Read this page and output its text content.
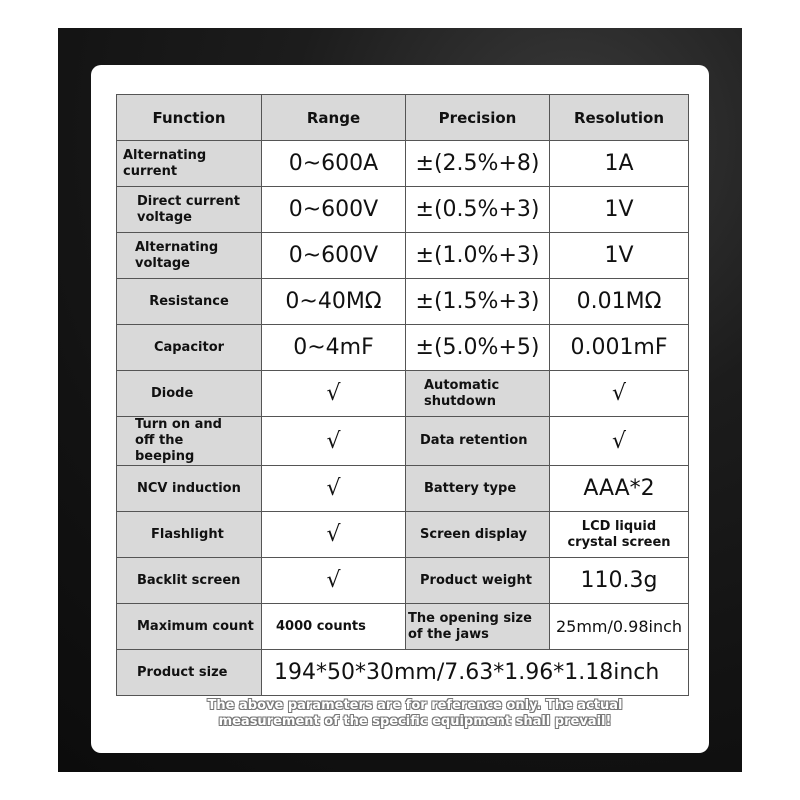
Function	Range	Precision	Resolution
Alternating current	0~600A	±(2.5%+8)	1A
Direct current voltage	0~600V	±(0.5%+3)	1V
Alternating voltage	0~600V	±(1.0%+3)	1V
Resistance	0~40MΩ	±(1.5%+3)	0.01MΩ
Capacitor	0~4mF	±(5.0%+5)	0.001mF
Diode	√	Automatic shutdown	√
Turn on and off the beeping	√	Data retention	√
NCV induction	√	Battery type	AAA*2
Flashlight	√	Screen display	LCD liquid crystal screen
Backlit screen	√	Product weight	110.3g
Maximum count	4000 counts	The opening size of the jaws	25mm/0.98inch
Product size	194*50*30mm/7.63*1.96*1.18inch		
The above parameters are for reference only. The actual measurement of the specific equipment shall prevail!
